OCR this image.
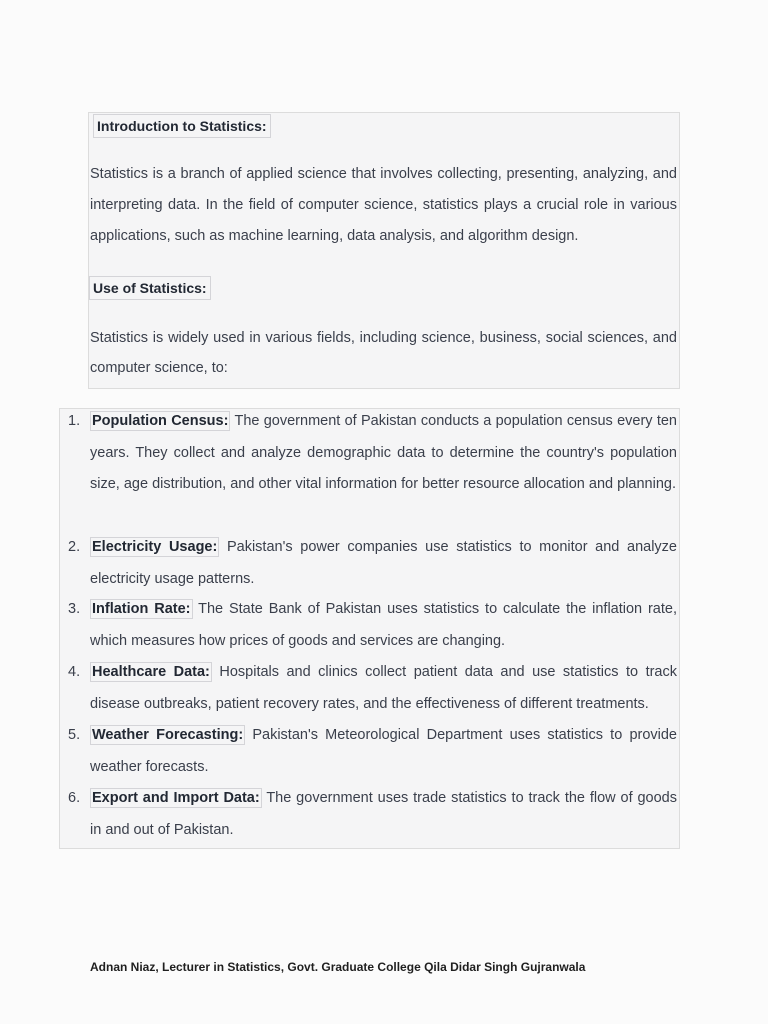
Introduction to Statistics:
Statistics is a branch of applied science that involves collecting, presenting, analyzing, and interpreting data. In the field of computer science, statistics plays a crucial role in various applications, such as machine learning, data analysis, and algorithm design.
Use of Statistics:
Statistics is widely used in various fields, including science, business, social sciences, and computer science, to:
1. Population Census: The government of Pakistan conducts a population census every ten years. They collect and analyze demographic data to determine the country's population size, age distribution, and other vital information for better resource allocation and planning.
2. Electricity Usage: Pakistan's power companies use statistics to monitor and analyze electricity usage patterns.
3. Inflation Rate: The State Bank of Pakistan uses statistics to calculate the inflation rate, which measures how prices of goods and services are changing.
4. Healthcare Data: Hospitals and clinics collect patient data and use statistics to track disease outbreaks, patient recovery rates, and the effectiveness of different treatments.
5. Weather Forecasting: Pakistan's Meteorological Department uses statistics to provide weather forecasts.
6. Export and Import Data: The government uses trade statistics to track the flow of goods in and out of Pakistan.
Adnan Niaz, Lecturer in Statistics, Govt. Graduate College Qila Didar Singh Gujranwala
